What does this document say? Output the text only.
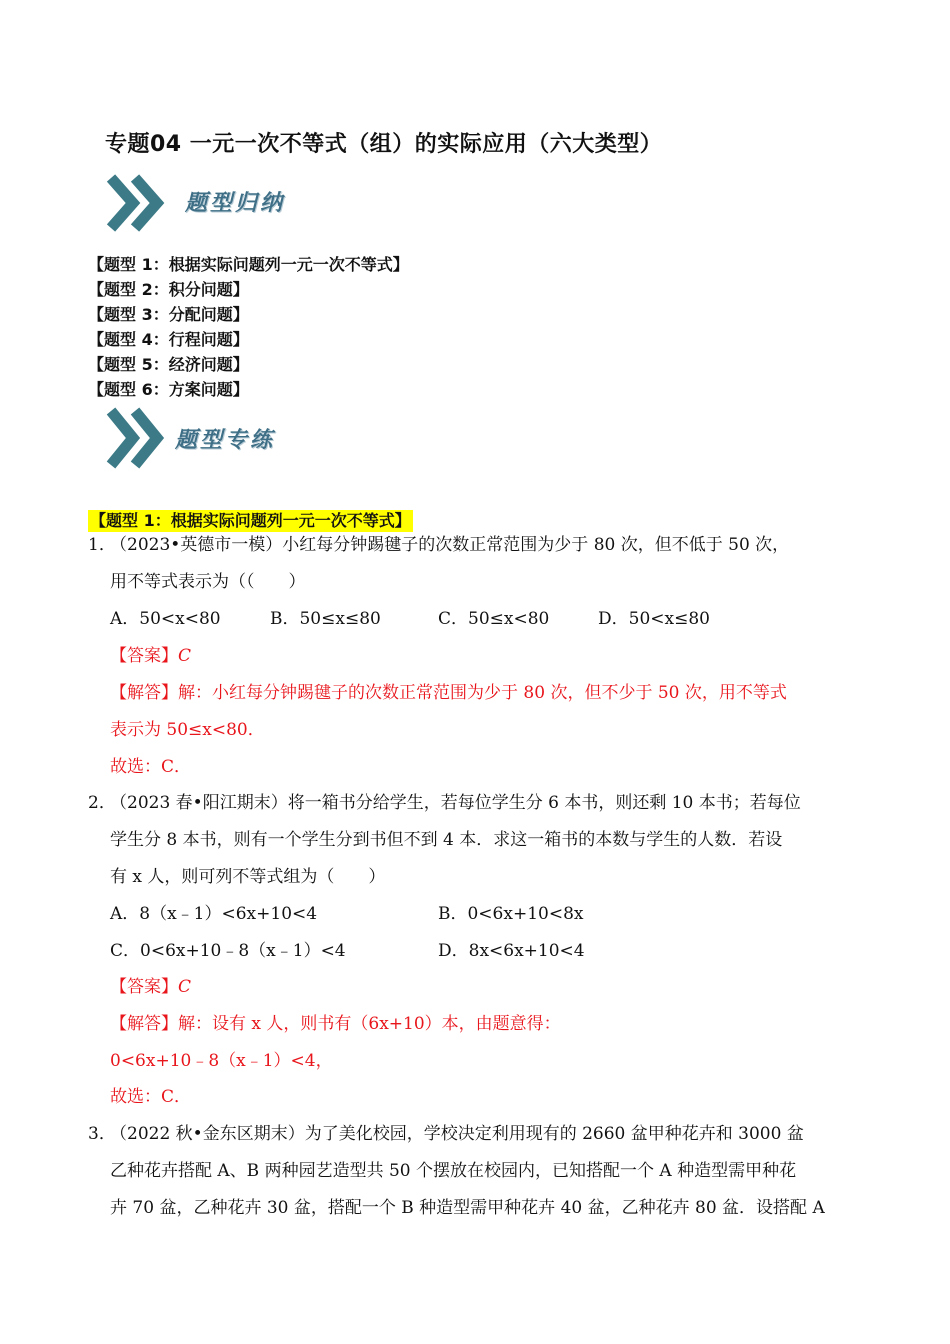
专题04 一元一次不等式（组）的实际应用（六大类型）
题型归纳
【题型 1：根据实际问题列一元一次不等式】
【题型 2：积分问题】
【题型 3：分配问题】
【题型 4：行程问题】
【题型 5：经济问题】
【题型 6：方案问题】
题型专练
【题型 1：根据实际问题列一元一次不等式】
1．
（2023•英德市一模）小红每分钟踢毽子的次数正常范围为少于 80 次，但不低于 50 次，
用不等式表示为（（　　）
A．50<x<80	B．50≤x≤80	C．50≤x<80	D．50<x≤80
【答案】C
【解答】解：小红每分钟踢毽子的次数正常范围为少于 80 次，但不少于 50 次，用不等式
表示为 50≤x<80．
故选：C．
2．
（2023 春•阳江期末）将一箱书分给学生，若每位学生分 6 本书，则还剩 10 本书；若每位
学生分 8 本书，则有一个学生分到书但不到 4 本．求这一箱书的本数与学生的人数．若设
有 x 人，则可列不等式组为（　　）
A．8（x﹣1）<6x+10<4	B．0<6x+10<8x
C．0<6x+10﹣8（x﹣1）<4	D．8x<6x+10<4
【答案】C
【解答】解：设有 x 人，则书有（6x+10）本，由题意得：
0<6x+10﹣8（x﹣1）<4，
故选：C．
3．
（2022 秋•金东区期末）为了美化校园，学校决定利用现有的 2660 盆甲种花卉和 3000 盆
乙种花卉搭配 A、B 两种园艺造型共 50 个摆放在校园内，已知搭配一个 A 种造型需甲种花
卉 70 盆，乙种花卉 30 盆，搭配一个 B 种造型需甲种花卉 40 盆，乙种花卉 80 盆．设搭配 A
